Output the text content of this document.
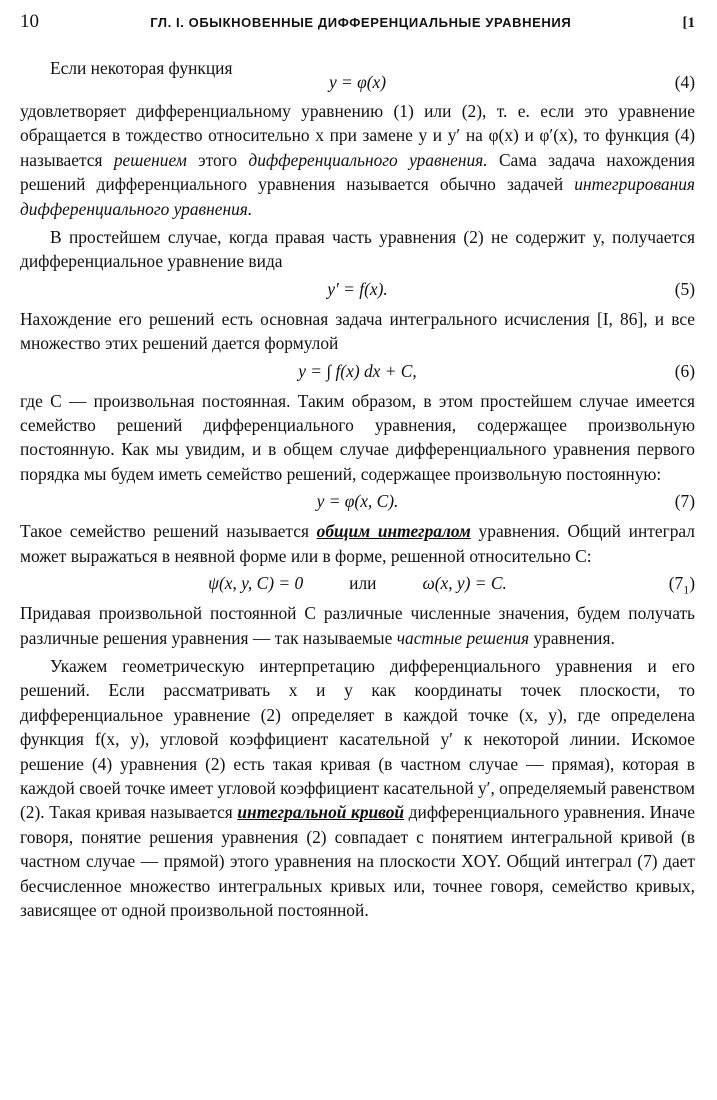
10	ГЛ. I. ОБЫКНОВЕННЫЕ ДИФФЕРЕНЦИАЛЬНЫЕ УРАВНЕНИЯ	[1
Если некоторая функция
y = φ(x)	(4)

удовлетворяет дифференциальному уравнению (1) или (2), т. е. если это уравнение обращается в тождество относительно x при замене y и y′ на φ(x) и φ′(x), то функция (4) называется решением этого дифференциального уравнения. Сама задача нахождения решений дифференциального уравнения называется обычно задачей интегрирования дифференциального уравнения.

В простейшем случае, когда правая часть уравнения (2) не содержит y, получается дифференциальное уравнение вида

y′ = f(x).	(5)

Нахождение его решений есть основная задача интегрального исчисления [I, 86], и все множество этих решений дается формулой

y = ∫ f(x) dx + C,	(6)

где C — произвольная постоянная. Таким образом, в этом простейшем случае имеется семейство решений дифференциального уравнения, содержащее произвольную постоянную. Как мы увидим, и в общем случае дифференциального уравнения первого порядка мы будем иметь семейство решений, содержащее произвольную постоянную:

y = φ(x, C).	(7)

Такое семейство решений называется общим интегралом уравнения. Общий интеграл может выражаться в неявной форме или в форме, решенной относительно C:

ψ(x, y, C) = 0	или	ω(x, y) = C.	$(7_1)$

Придавая произвольной постоянной C различные численные значения, будем получать различные решения уравнения — так называемые частные решения уравнения.

Укажем геометрическую интерпретацию дифференциального уравнения и его решений. Если рассматривать x и y как координаты точек плоскости, то дифференциальное уравнение (2) определяет в каждой точке (x, y), где определена функция f(x, y), угловой коэффициент касательной y′ к некоторой линии. Искомое решение (4) уравнения (2) есть такая кривая (в частном случае — прямая), которая в каждой своей точке имеет угловой коэффициент касательной y′, определяемый равенством (2). Такая кривая называется интегральной кривой дифференциального уравнения. Иначе говоря, понятие решения уравнения (2) совпадает с понятием интегральной кривой (в частном случае — прямой) этого уравнения на плоскости XOY. Общий интеграл (7) дает бесчисленное множество интегральных кривых или, точнее говоря, семейство кривых, зависящее от одной произвольной постоянной.
